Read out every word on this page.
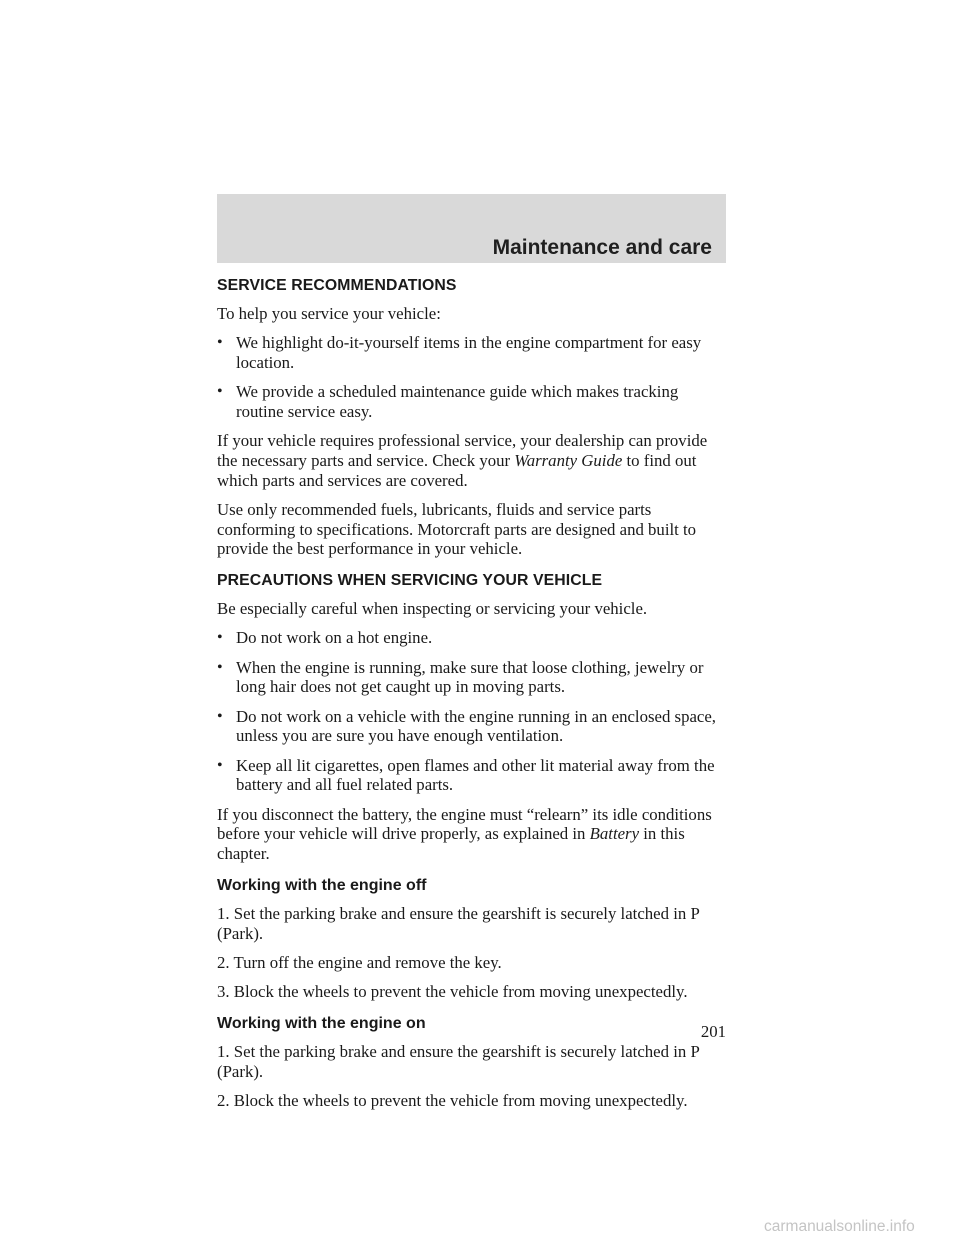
Maintenance and care
SERVICE RECOMMENDATIONS

To help you service your vehicle:

• We highlight do-it-yourself items in the engine compartment for easy location.
• We provide a scheduled maintenance guide which makes tracking routine service easy.

If your vehicle requires professional service, your dealership can provide the necessary parts and service. Check your Warranty Guide to find out which parts and services are covered.

Use only recommended fuels, lubricants, fluids and service parts conforming to specifications. Motorcraft parts are designed and built to provide the best performance in your vehicle.

PRECAUTIONS WHEN SERVICING YOUR VEHICLE

Be especially careful when inspecting or servicing your vehicle.

• Do not work on a hot engine.
• When the engine is running, make sure that loose clothing, jewelry or long hair does not get caught up in moving parts.
• Do not work on a vehicle with the engine running in an enclosed space, unless you are sure you have enough ventilation.
• Keep all lit cigarettes, open flames and other lit material away from the battery and all fuel related parts.

If you disconnect the battery, the engine must “relearn” its idle conditions before your vehicle will drive properly, as explained in Battery in this chapter.

Working with the engine off

1. Set the parking brake and ensure the gearshift is securely latched in P (Park).

2. Turn off the engine and remove the key.

3. Block the wheels to prevent the vehicle from moving unexpectedly.

Working with the engine on

1. Set the parking brake and ensure the gearshift is securely latched in P (Park).

2. Block the wheels to prevent the vehicle from moving unexpectedly.

201
carmanualsonline.info
